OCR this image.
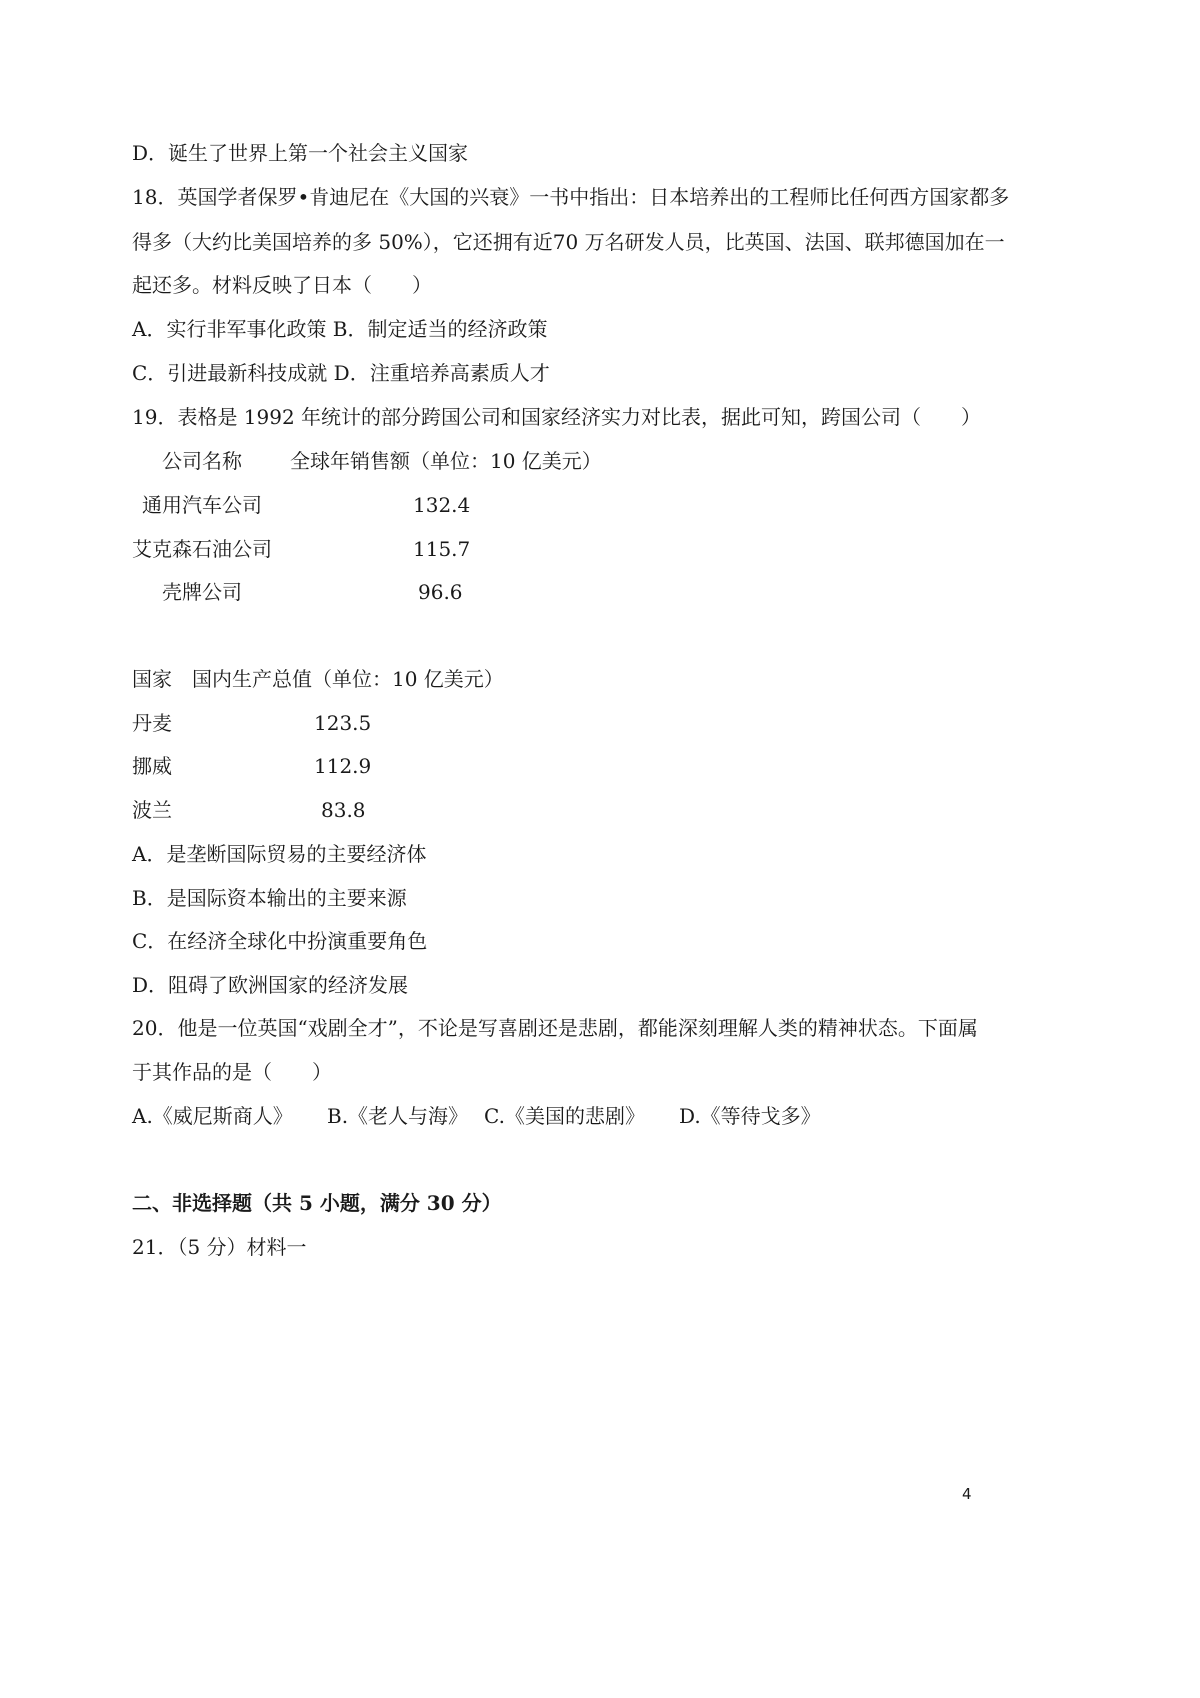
D．诞生了世界上第一个社会主义国家
18．英国学者保罗•肯迪尼在《大国的兴衰》一书中指出：日本培养出的工程师比任何西方国家都多
得多（大约比美国培养的多 50%），它还拥有近70 万名研发人员，比英国、法国、联邦德国加在一
起还多。材料反映了日本（　　）
A．实行非军事化政策 B．制定适当的经济政策
C．引进最新科技成就 D．注重培养高素质人才
19．表格是 1992 年统计的部分跨国公司和国家经济实力对比表，据此可知，跨国公司（　　）
公司名称 全球年销售额（单位：10 亿美元）
通用汽车公司	132.4
艾克森石油公司	115.7
壳牌公司	96.6
国家 国内生产总值（单位：10 亿美元）
丹麦	123.5
挪威	112.9
波兰	83.8
A．是垄断国际贸易的主要经济体
B．是国际资本输出的主要来源
C．在经济全球化中扮演重要角色
D．阻碍了欧洲国家的经济发展
20．他是一位英国“戏剧全才”，不论是写喜剧还是悲剧，都能深刻理解人类的精神状态。下面属
于其作品的是（　　）
A.《威尼斯商人》 B.《老人与海》 C.《美国的悲剧》 D.《等待戈多》
二、非选择题（共 5 小题，满分 30 分）
21．（5 分）材料一
4
